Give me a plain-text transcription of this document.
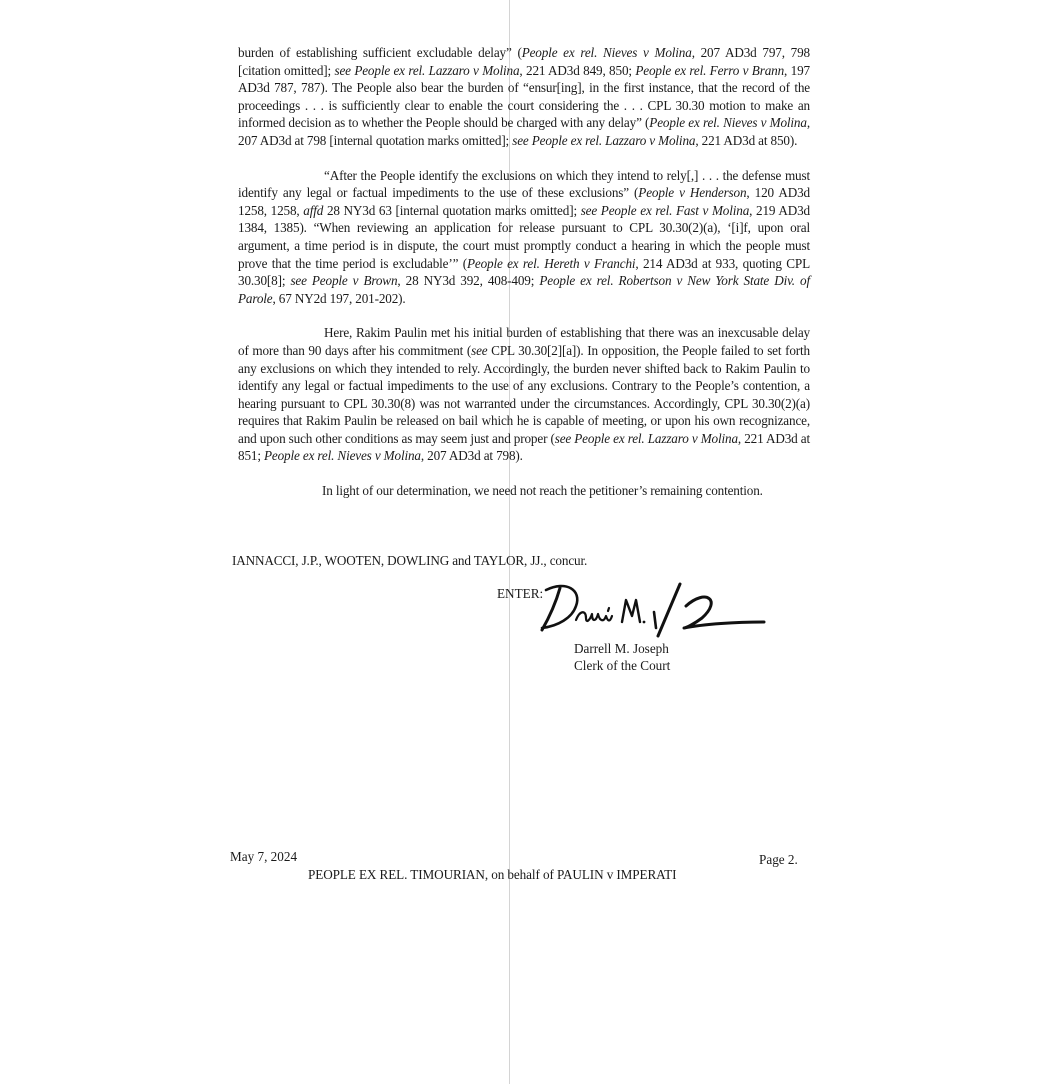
burden of establishing sufficient excludable delay” (People ex rel. Nieves v Molina, 207 AD3d 797, 798 [citation omitted]; see People ex rel. Lazzaro v Molina, 221 AD3d 849, 850; People ex rel. Ferro v Brann, 197 AD3d 787, 787). The People also bear the burden of “ensur[ing], in the first instance, that the record of the proceedings . . . is sufficiently clear to enable the court considering the . . . CPL 30.30 motion to make an informed decision as to whether the People should be charged with any delay” (People ex rel. Nieves v Molina, 207 AD3d at 798 [internal quotation marks omitted]; see People ex rel. Lazzaro v Molina, 221 AD3d at 850).

“After the People identify the exclusions on which they intend to rely[,] . . . the defense must identify any legal or factual impediments to the use of these exclusions” (People v Henderson, 120 AD3d 1258, 1258, affd 28 NY3d 63 [internal quotation marks omitted]; see People ex rel. Fast v Molina, 219 AD3d 1384, 1385). “When reviewing an application for release pursuant to CPL 30.30(2)(a), ‘[i]f, upon oral argument, a time period is in dispute, the court must promptly conduct a hearing in which the people must prove that the time period is excludable’” (People ex rel. Hereth v Franchi, 214 AD3d at 933, quoting CPL 30.30[8]; see People v Brown, 28 NY3d 392, 408-409; People ex rel. Robertson v New York State Div. of Parole, 67 NY2d 197, 201-202).

Here, Rakim Paulin met his initial burden of establishing that there was an inexcusable delay of more than 90 days after his commitment (see CPL 30.30[2][a]). In opposition, the People failed to set forth any exclusions on which they intended to rely. Accordingly, the burden never shifted back to Rakim Paulin to identify any legal or factual impediments to the use of any exclusions. Contrary to the People’s contention, a hearing pursuant to CPL 30.30(8) was not warranted under the circumstances. Accordingly, CPL 30.30(2)(a) requires that Rakim Paulin be released on bail which he is capable of meeting, or upon his own recognizance, and upon such other conditions as may seem just and proper (see People ex rel. Lazzaro v Molina, 221 AD3d at 851; People ex rel. Nieves v Molina, 207 AD3d at 798).

In light of our determination, we need not reach the petitioner’s remaining contention.

IANNACCI, J.P., WOOTEN, DOWLING and TAYLOR, JJ., concur.
ENTER:
Darrell M. Joseph
Clerk of the Court
May 7, 2024	Page 2.
PEOPLE EX REL. TIMOURIAN, on behalf of PAULIN v IMPERATI
